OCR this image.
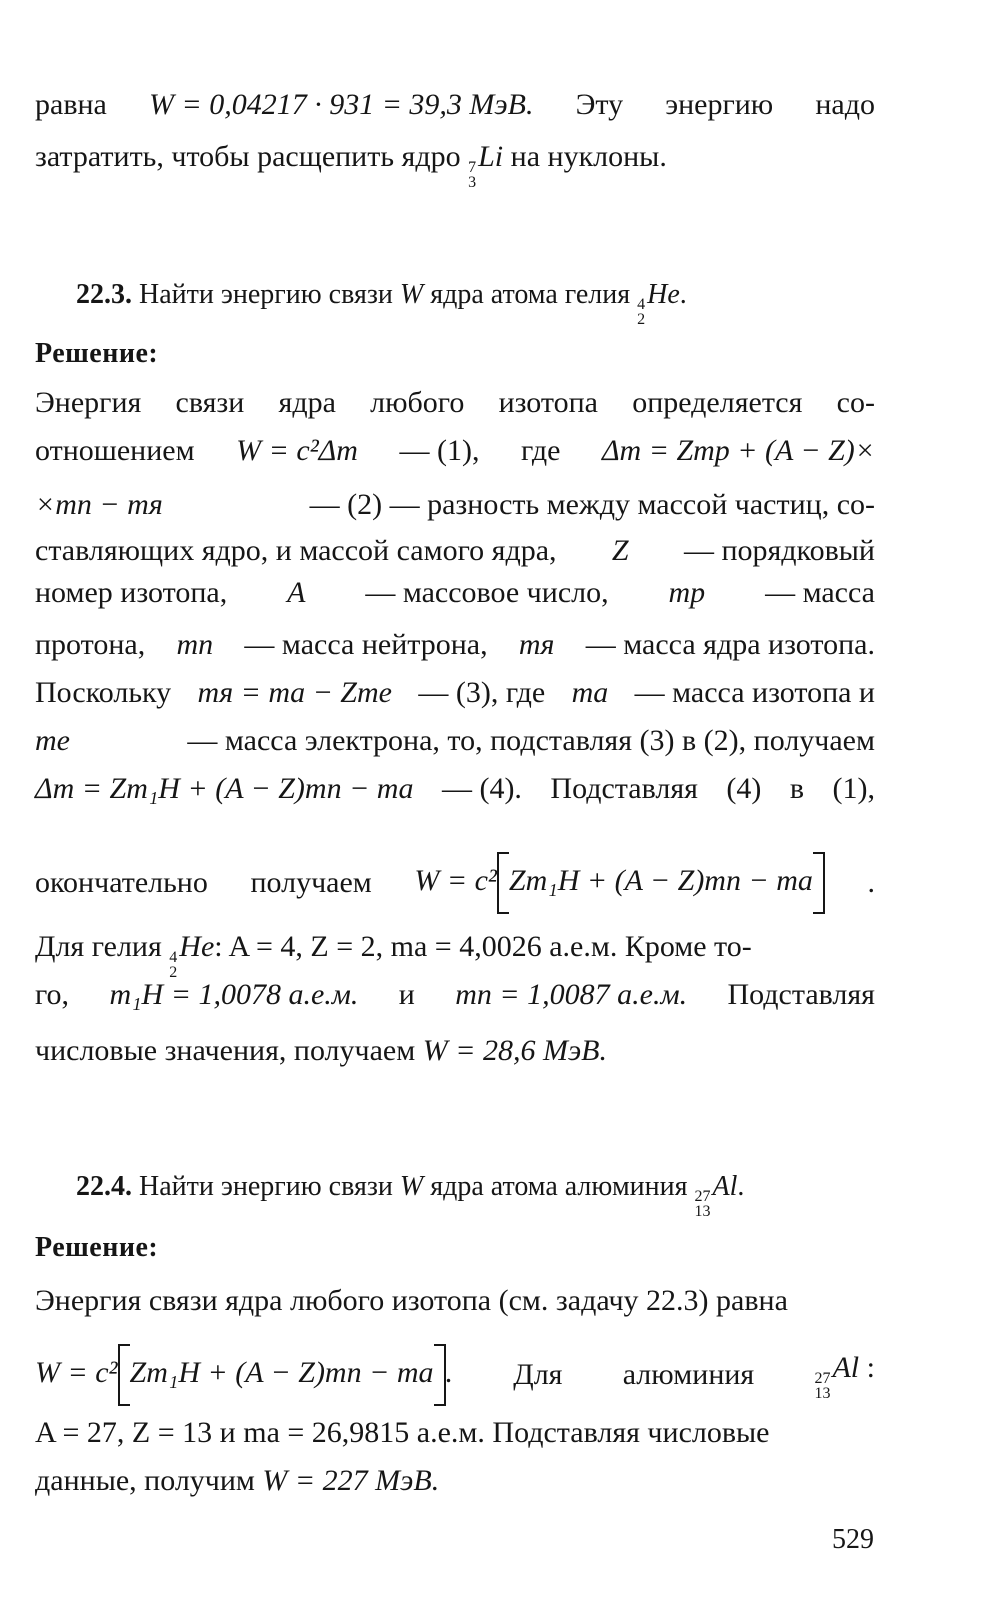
равна W = 0,04217 · 931 = 39,3 МэВ. Эту энергию надо
затратить, чтобы расщепить ядро 7
3
Li на нуклоны.
22.3. Найти энергию связи W ядра атома гелия 4
2
He.
Решение:
Энергия связи ядра любого изотопа определяется со-
отношением W = c²Δm — (1), где Δm = Zmp + (A − Z)×
×mn − mя	— (2) — разность между массой частиц, со-
ставляющих ядро, и массой самого ядра, Z — порядковый
номер изотопа, A — массовое число, mp — масса
протона, mn — масса нейтрона, mя — масса ядра изотопа.
Поскольку mя = ma − Zme — (3), где ma — масса изотопа и
me	— масса электрона, то, подставляя (3) в (2), получаем
Δm = Zm₁H + (A − Z)mn − ma — (4). Подставляя (4) в (1),
окончательно получаем W = c² Zm₁H + (A − Z)mn − ma	.
Для гелия 4
2
He: A = 4, Z = 2, ma = 4,0026 а.е.м. Кроме то-
го, m₁H = 1,0078 а.е.м. и mn = 1,0087 а.е.м. Подставляя
числовые значения, получаем W = 28,6 МэВ.
22.4. Найти энергию связи W ядра атома алюминия 27
13
Al.
Решение:
Энергия связи ядра любого изотопа (см. задачу 22.3) равна
W = c² Zm₁H + (A − Z)mn − ma . Для алюминия	27
13
Al :
A = 27, Z = 13 и ma = 26,9815 а.е.м. Подставляя числовые
данные, получим W = 227 МэВ.
529
